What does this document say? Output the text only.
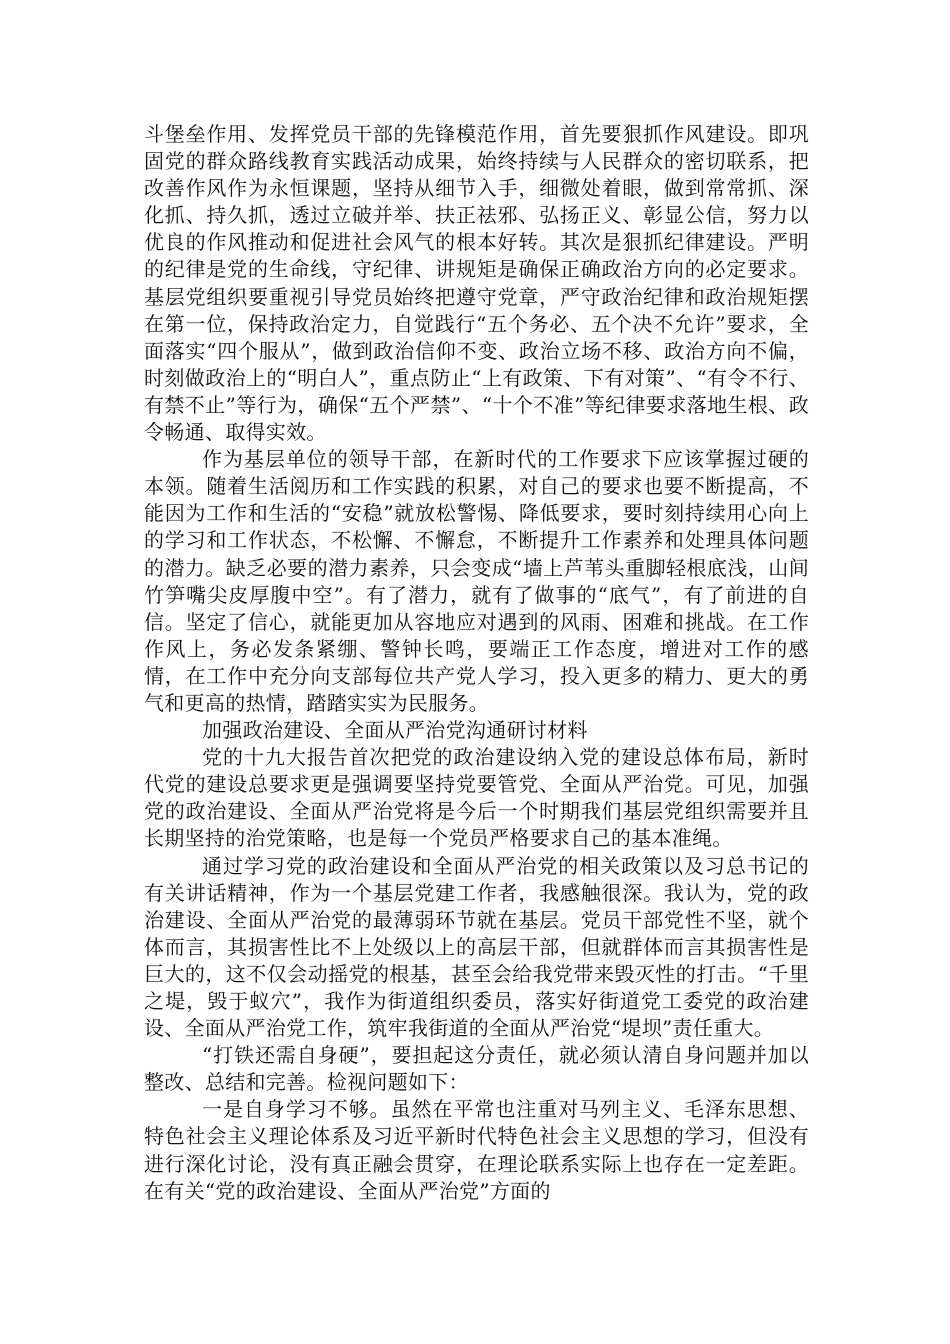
斗堡垒作用、发挥党员干部的先锋模范作用，首先要狠抓作风建设。即巩固党的群众路线教育实践活动成果，始终持续与人民群众的密切联系，把改善作风作为永恒课题，坚持从细节入手，细微处着眼，做到常常抓、深化抓、持久抓，透过立破并举、扶正祛邪、弘扬正义、彰显公信，努力以优良的作风推动和促进社会风气的根本好转。其次是狠抓纪律建设。严明的纪律是党的生命线，守纪律、讲规矩是确保正确政治方向的必定要求。基层党组织要重视引导党员始终把遵守党章，严守政治纪律和政治规矩摆在第一位，保持政治定力，自觉践行“五个务必、五个决不允许”要求，全面落实“四个服从”，做到政治信仰不变、政治立场不移、政治方向不偏，时刻做政治上的“明白人”，重点防止“上有政策、下有对策”、“有令不行、有禁不止”等行为，确保“五个严禁”、“十个不准”等纪律要求落地生根、政令畅通、取得实效。

作为基层单位的领导干部，在新时代的工作要求下应该掌握过硬的本领。随着生活阅历和工作实践的积累，对自己的要求也要不断提高，不能因为工作和生活的“安稳”就放松警惕、降低要求，要时刻持续用心向上的学习和工作状态，不松懈、不懈怠，不断提升工作素养和处理具体问题的潜力。缺乏必要的潜力素养，只会变成“墙上芦苇头重脚轻根底浅，山间竹笋嘴尖皮厚腹中空”。有了潜力，就有了做事的“底气”，有了前进的自信。坚定了信心，就能更加从容地应对遇到的风雨、困难和挑战。在工作作风上，务必发条紧绷、警钟长鸣，要端正工作态度，增进对工作的感情，在工作中充分向支部每位共产党人学习，投入更多的精力、更大的勇气和更高的热情，踏踏实实为民服务。

加强政治建设、全面从严治党沟通研讨材料

党的十九大报告首次把党的政治建设纳入党的建设总体布局，新时代党的建设总要求更是强调要坚持党要管党、全面从严治党。可见，加强党的政治建设、全面从严治党将是今后一个时期我们基层党组织需要并且长期坚持的治党策略，也是每一个党员严格要求自己的基本准绳。

通过学习党的政治建设和全面从严治党的相关政策以及习总书记的有关讲话精神，作为一个基层党建工作者，我感触很深。我认为，党的政治建设、全面从严治党的最薄弱环节就在基层。党员干部党性不坚，就个体而言，其损害性比不上处级以上的高层干部，但就群体而言其损害性是巨大的，这不仅会动摇党的根基，甚至会给我党带来毁灭性的打击。“千里之堤，毁于蚁穴”，我作为街道组织委员，落实好街道党工委党的政治建设、全面从严治党工作，筑牢我街道的全面从严治党“堤坝”责任重大。

“打铁还需自身硬”，要担起这分责任，就必须认清自身问题并加以整改、总结和完善。检视问题如下：

一是自身学习不够。虽然在平常也注重对马列主义、毛泽东思想、特色社会主义理论体系及习近平新时代特色社会主义思想的学习，但没有进行深化讨论，没有真正融会贯穿，在理论联系实际上也存在一定差距。在有关“党的政治建设、全面从严治党”方面的
